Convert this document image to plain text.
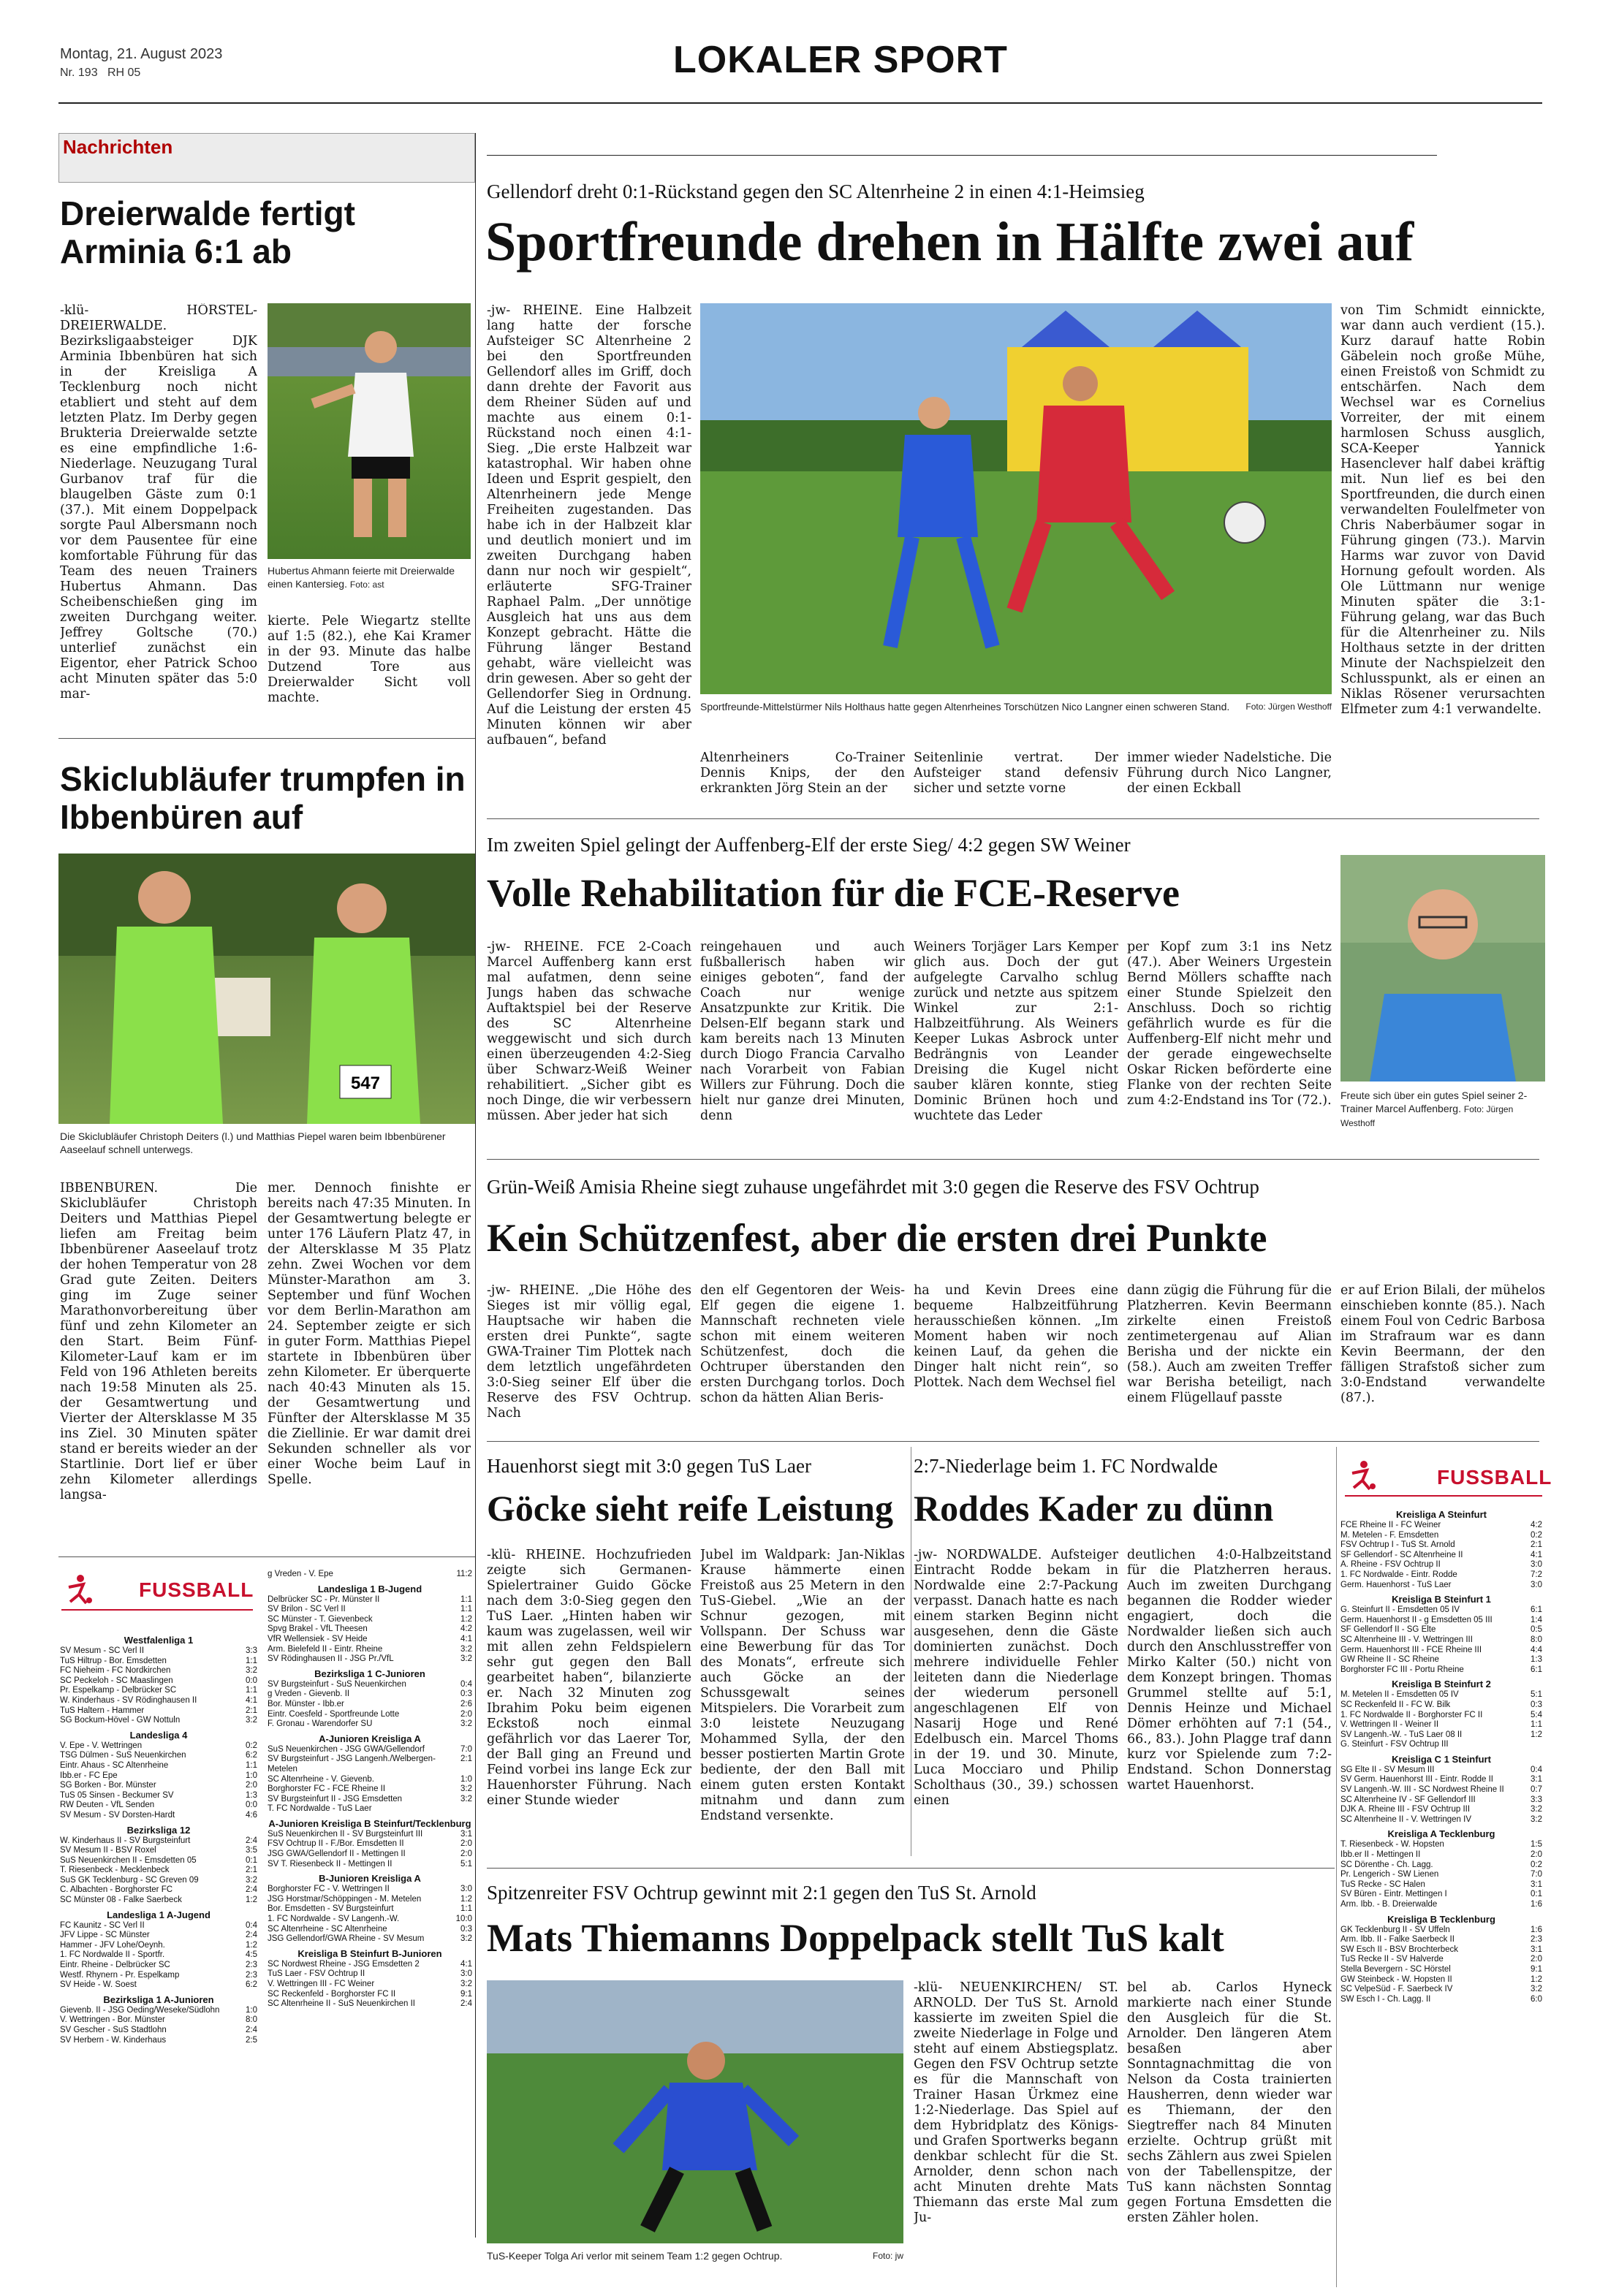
Montag, 21. August 2023
Nr. 193 RH 05	LOKALER SPORT
Nachrichten
Dreierwalde fertigt Arminia 6:1 ab
-klü- HÖRSTEL-DREIERWALDE. Bezirksligaabsteiger DJK Arminia Ibbenbüren hat sich in der Kreisliga A Tecklenburg noch nicht etabliert und steht auf dem letzten Platz. Im Derby gegen Brukteria Dreierwalde setzte es eine empfindliche 1:6-Niederlage. Neuzugang Tural Gurbanov traf für die blaugelben Gäste zum 0:1 (37.). Mit einem Doppelpack sorgte Paul Albersmann noch vor dem Pausentee für eine komfortable Führung für das Team des neuen Trainers Hubertus Ahmann. Das Scheibenschießen ging im zweiten Durchgang weiter. Jeffrey Goltsche (70.) unterlief zunächst ein Eigentor, eher Patrick Schoo acht Minuten später das 5:0 mar-
Hubertus Ahmann feierte mit Dreierwalde einen Kantersieg. Foto: ast
kierte. Pele Wiegartz stellte auf 1:5 (82.), ehe Kai Kramer in der 93. Minute das halbe Dutzend Tore aus Dreierwalder Sicht voll machte.
Skiclubläufer trumpfen in Ibbenbüren auf
547
Die Skiclubläufer Christoph Deiters (l.) und Matthias Piepel waren beim Ibbenbürener Aaseelauf schnell unterwegs.
IBBENBÜREN. Die Skiclubläufer Christoph Deiters und Matthias Piepel liefen am Freitag beim Ibbenbürener Aaseelauf trotz der hohen Temperatur von 28 Grad gute Zeiten. Deiters ging im Zuge seiner Marathonvorbereitung über fünf und zehn Kilometer an den Start. Beim Fünf-Kilometer-Lauf kam er im Feld von 196 Athleten bereits nach 19:58 Minuten als 25. der Gesamtwertung und Vierter der Altersklasse M 35 ins Ziel. 30 Minuten später stand er bereits wieder an der Startlinie. Dort lief er über zehn Kilometer allerdings langsa-
mer. Dennoch finishte er bereits nach 47:35 Minuten. In der Gesamtwertung belegte er unter 176 Läufern Platz 47, in der Altersklasse M 35 Platz zehn. Zwei Wochen vor dem Münster-Marathon am 3. September und fünf Wochen vor dem Berlin-Marathon am 24. September zeigte er sich in guter Form. Matthias Piepel startete in Ibbenbüren über zehn Kilometer. Er überquerte nach 40:43 Minuten als 15. der Gesamtwertung und Fünfter der Altersklasse M 35 die Ziellinie. Er war damit drei Sekunden schneller als vor einer Woche beim Lauf in Spelle.
FUSSBALL
Westfalenliga 1
SV Mesum - SC Verl II	3:3
TuS Hiltrup - Bor. Emsdetten	1:1
FC Nieheim - FC Nordkirchen	3:2
SC Peckeloh - SC Maaslingen	0:0
Pr. Espelkamp - Delbrücker SC	1:1
W. Kinderhaus - SV Rödinghausen II	4:1
TuS Haltern - Hammer	2:1
SG Bockum-Hövel - GW Nottuln	3:2
Landesliga 4
V. Epe - V. Wettringen	0:2
TSG Dülmen - SuS Neuenkirchen	6:2
Eintr. Ahaus - SC Altenrheine	1:1
Ibb.er - FC Epe	1:0
SG Borken - Bor. Münster	2:0
TuS 05 Sinsen - Beckumer SV	1:3
RW Deuten - VfL Senden	0:0
SV Mesum - SV Dorsten-Hardt	4:6
Bezirksliga 12
W. Kinderhaus II - SV Burgsteinfurt	2:4
SV Mesum II - BSV Roxel	3:5
SuS Neuenkirchen II - Emsdetten 05	0:1
T. Riesenbeck - Mecklenbeck	2:1
SuS GK Tecklenburg - SC Greven 09	3:2
C. Albachten - Borghorster FC	2:4
SC Münster 08 - Falke Saerbeck	1:2
Landesliga 1 A-Jugend
FC Kaunitz - SC Verl II	0:4
JFV Lippe - SC Münster	2:4
Hammer - JFV Lohe/Oeynh.	1:2
1. FC Nordwalde II - Sportfr.	4:5
Eintr. Rheine - Delbrücker SC	2:3
Westf. Rhynern - Pr. Espelkamp	2:3
SV Heide - W. Soest	6:2
Bezirksliga 1 A-Junioren
Gievenb. II - JSG Oeding/Weseke/Südlohn	1:0
V. Wettringen - Bor. Münster	8:0
SV Gescher - SuS Stadtlohn	2:4
SV Herbern - W. Kinderhaus	2:5
g Vreden - V. Epe	11:2
Landesliga 1 B-Jugend
Delbrücker SC - Pr. Münster II	1:1
SV Brilon - SC Verl II	1:1
SC Münster - T. Gievenbeck	1:2
Spvg Brakel - VfL Theesen	4:2
VfR Wellensiek - SV Heide	4:1
Arm. Bielefeld II - Eintr. Rheine	3:2
SV Rödinghausen II - JSG Pr./VfL	3:2
Bezirksliga 1 C-Junioren
SV Burgsteinfurt - SuS Neuenkirchen	0:4
g Vreden - Gievenb. II	0:3
Bor. Münster - Ibb.er	2:6
Eintr. Coesfeld - Sportfreunde Lotte	2:0
F. Gronau - Warendorfer SU	3:2
A-Junioren Kreisliga A
SuS Neuenkirchen - JSG GWA/Gellendorf	7:0
SV Burgsteinfurt - JSG Langenh./Welbergen-Metelen
2:1
SC Altenrheine - V. Gievenb.	1:0
Borghorster FC - FCE Rheine II	3:2
SV Burgsteinfurt II - JSG Emsdetten	3:2
T. FC Nordwalde - TuS Laer
A-Junioren Kreisliga B Steinfurt/Tecklenburg
SuS Neuenkirchen II - SV Burgsteinfurt III	3:1
FSV Ochtrup II - F./Bor. Emsdetten II	2:0
JSG GWA/Gellendorf II - Mettingen II	2:0
SV T. Riesenbeck II - Mettingen II	5:1
B-Junioren Kreisliga A
Borghorster FC - V. Wettringen II	3:0
JSG Horstmar/Schöppingen - M. Metelen	1:2
Bor. Emsdetten - SV Burgsteinfurt	1:1
1. FC Nordwalde - SV Langenh.-W.	10:0
SC Altenrheine - SC Altenrheine	0:3
JSG Gellendorf/GWA Rheine - SV Mesum	3:2
Kreisliga B Steinfurt B-Junioren
SC Nordwest Rheine - JSG Emsdetten 2	4:1
TuS Laer - FSV Ochtrup II	3:0
V. Wettringen III - FC Weiner	3:2
SC Reckenfeld - Borghorster FC II	9:1
SC Altenrheine II - SuS Neuenkirchen II	2:4
Gellendorf dreht 0:1-Rückstand gegen den SC Altenrheine 2 in einen 4:1-Heimsieg
Sportfreunde drehen in Hälfte zwei auf
-jw- RHEINE. Eine Halbzeit lang hatte der forsche Aufsteiger SC Altenrheine 2 bei den Sportfreunden Gellendorf alles im Griff, doch dann drehte der Favorit aus dem Rheiner Süden auf und machte aus einem 0:1-Rückstand noch einen 4:1-Sieg. „Die erste Halbzeit war katastrophal. Wir haben ohne Ideen und Esprit gespielt, den Altenrheinern jede Menge Freiheiten zugestanden. Das habe ich in der Halbzeit klar und deutlich moniert und im zweiten Durchgang haben dann nur noch wir gespielt“, erläuterte SFG-Trainer Raphael Palm. „Der unnötige Ausgleich hat uns aus dem Konzept gebracht. Hätte die Führung länger Bestand gehabt, wäre vielleicht was drin gewesen. Aber so geht der Gellendorfer Sieg in Ordnung. Auf die Leistung der ersten 45 Minuten können wir aber aufbauen“, befand
Sportfreunde-Mittelstürmer Nils Holthaus hatte gegen Altenrheines Torschützen Nico Langner einen schweren Stand. Foto: Jürgen Westhoff
Altenrheiners Co-Trainer Dennis Knips, der den erkrankten Jörg Stein an der
Seitenlinie vertrat. Der Aufsteiger stand defensiv sicher und setzte vorne
immer wieder Nadelstiche. Die Führung durch Nico Langner, der einen Eckball
von Tim Schmidt einnickte, war dann auch verdient (15.). Kurz darauf hatte Robin Gäbelein noch große Mühe, einen Freistoß von Schmidt zu entschärfen. Nach dem Wechsel war es Cornelius Vorreiter, der mit einem harmlosen Schuss ausglich, SCA-Keeper Yannick Hasenclever half dabei kräftig mit. Nun lief es bei den Sportfreunden, die durch einen verwandelten Foulelfmeter von Chris Naberbäumer sogar in Führung gingen (73.). Marvin Harms war zuvor von David Hornung gefoult worden. Als Ole Lüttmann nur wenige Minuten später die 3:1-Führung gelang, war das Buch für die Altenrheiner zu. Nils Holthaus setzte in der dritten Minute der Nachspielzeit den Schlusspunkt, als er einen an Niklas Rösener verursachten Elfmeter zum 4:1 verwandelte.
Im zweiten Spiel gelingt der Auffenberg-Elf der erste Sieg/ 4:2 gegen SW Weiner
Volle Rehabilitation für die FCE-Reserve
-jw- RHEINE. FCE 2-Coach Marcel Auffenberg kann erst mal aufatmen, denn seine Jungs haben das schwache Auftaktspiel bei der Reserve des SC Altenrheine weggewischt und sich durch einen überzeugenden 4:2-Sieg über Schwarz-Weiß Weiner rehabilitiert. „Sicher gibt es noch Dinge, die wir verbessern müssen. Aber jeder hat sich
reingehauen und auch fußballerisch haben wir einiges geboten“, fand der Coach nur wenige Ansatzpunkte zur Kritik. Die Delsen-Elf begann stark und kam bereits nach 13 Minuten durch Diogo Francia Carvalho nach Vorarbeit von Fabian Willers zur Führung. Doch die hielt nur ganze drei Minuten, denn
Weiners Torjäger Lars Kemper glich aus. Doch der gut aufgelegte Carvalho schlug zurück und netzte aus spitzem Winkel zur 2:1-Halbzeitführung. Als Weiners Keeper Lukas Asbrock unter Bedrängnis von Leander Dreising die Kugel nicht sauber klären konnte, stieg Dominic Brünen hoch und wuchtete das Leder
per Kopf zum 3:1 ins Netz (47.). Aber Weiners Urgestein Bernd Möllers schaffte nach einer Stunde Spielzeit den Anschluss. Doch so richtig gefährlich wurde es für die Auffenberg-Elf nicht mehr und der gerade eingewechselte Oskar Ricken beförderte eine Flanke von der rechten Seite zum 4:2-Endstand ins Tor (72.). Freute sich über ein gutes Spiel seiner 2-Trainer Marcel Auffenberg. Foto: Jürgen Westhoff
Grün-Weiß Amisia Rheine siegt zuhause ungefährdet mit 3:0 gegen die Reserve des FSV Ochtrup
Kein Schützenfest, aber die ersten drei Punkte
-jw- RHEINE. „Die Höhe des Sieges ist mir völlig egal, Hauptsache wir haben die ersten drei Punkte“, sagte GWA-Trainer Tim Plottek nach dem letztlich ungefährdeten 3:0-Sieg seiner Elf über die Reserve des FSV Ochtrup. Nach
den elf Gegentoren der Weis-Elf gegen die eigene 1. Mannschaft rechneten viele schon mit einem weiteren Schützenfest, doch die Ochtruper überstanden den ersten Durchgang torlos. Doch schon da hätten Alian Beris-
ha und Kevin Drees eine bequeme Halbzeitführung herausschießen können. „Im Moment haben wir noch keinen Lauf, da gehen die Dinger halt nicht rein“, so Plottek. Nach dem Wechsel fiel
dann zügig die Führung für die Platzherren. Kevin Beermann zirkelte einen Freistoß zentimetergenau auf Alian Berisha und der nickte ein (58.). Auch am zweiten Treffer war Berisha beteiligt, nach einem Flügellauf passte
er auf Erion Bilali, der mühelos einschieben konnte (85.). Nach einem Foul von Cedric Barbosa im Strafraum war es dann Kevin Beermann, der den fälligen Strafstoß sicher zum 3:0-Endstand verwandelte (87.).
Hauenhorst siegt mit 3:0 gegen TuS Laer
Göcke sieht reife Leistung
-klü- RHEINE. Hochzufrieden zeigte sich Germanen-Spielertrainer Guido Göcke nach dem 3:0-Sieg gegen den TuS Laer. „Hinten haben wir kaum was zugelassen, weil wir mit allen zehn Feldspielern sehr gut gegen den Ball gearbeitet haben“, bilanzierte er. Nach 32 Minuten zog Ibrahim Poku beim eigenen Eckstoß noch einmal gefährlich vor das Laerer Tor, der Ball ging an Freund und Feind vorbei ins lange Eck zur Hauenhorster Führung. Nach einer Stunde wieder
Jubel im Waldpark: Jan-Niklas Krause hämmerte einen Freistoß aus 25 Metern in den TuS-Giebel. „Wie an der Schnur gezogen, mit Vollspann. Der Schuss war eine Bewerbung für das Tor des Monats“, erfreute sich auch Göcke an der Schussgewalt seines Mitspielers. Die Vorarbeit zum 3:0 leistete Neuzugang Mohammed Sylla, der den besser postierten Martin Grote bediente, der den Ball mit einem guten ersten Kontakt mitnahm und dann zum Endstand versenkte.
2:7-Niederlage beim 1. FC Nordwalde
Roddes Kader zu dünn
-jw- NORDWALDE. Aufsteiger Eintracht Rodde bekam in Nordwalde eine 2:7-Packung verpasst. Danach hatte es nach einem starken Beginn nicht ausgesehen, denn die Gäste dominierten zunächst. Doch mehrere individuelle Fehler leiteten dann die Niederlage der wiederum personell angeschlagenen Elf von Nasarij Hoge und René Edelbusch ein. Marcel Thoms in der 19. und 30. Minute, Luca Mocciaro und Philip Scholthaus (30., 39.) schossen einen
deutlichen 4:0-Halbzeitstand für die Platzherren heraus. Auch im zweiten Durchgang begannen die Rodder wieder engagiert, doch die Nordwalder ließen sich auch durch den Anschlusstreffer von Mirko Kalter (50.) nicht von dem Konzept bringen. Thomas Grummel stellte auf 5:1, Dennis Heinze und Michael Dömer erhöhten auf 7:1 (54., 66., 83.). John Plagge traf dann kurz vor Spielende zum 7:2-Endstand. Schon Donnerstag wartet Hauenhorst.
FUSSBALL
Kreisliga A Steinfurt
FCE Rheine II - FC Weiner	4:2
M. Metelen - F. Emsdetten	0:2
FSV Ochtrup I - TuS St. Arnold	2:1
SF Gellendorf - SC Altenrheine II	4:1
A. Rheine - FSV Ochtrup II	3:0
1. FC Nordwalde - Eintr. Rodde	7:2
Germ. Hauenhorst - TuS Laer	3:0
Kreisliga B Steinfurt 1
G. Steinfurt II - Emsdetten 05 IV	6:1
Germ. Hauenhorst II - g Emsdetten 05 III	1:4
SF Gellendorf II - SG Elte	0:5
SC Altenrheine III - V. Wettringen III	8:0
Germ. Hauenhorst III - FCE Rheine III	4:4
GW Rheine II - SC Rheine	1:3
Borghorster FC III - Portu Rheine	6:1
Kreisliga B Steinfurt 2
M. Metelen II - Emsdetten 05 IV	5:1
SC Reckenfeld II - FC W. Bilk	0:3
1. FC Nordwalde II - Borghorster FC II	5:4
V. Wettringen II - Weiner II	1:1
SV Langenh.-W. - TuS Laer 08 II	1:2
G. Steinfurt - FSV Ochtrup III
Kreisliga C 1 Steinfurt
SG Elte II - SV Mesum III	0:4
SV Germ. Hauenhorst III - Eintr. Rodde II	3:1
SV Langenh.-W. III - SC Nordwest Rheine II	0:7
SC Altenrheine IV - SF Gellendorf III	3:3
DJK A. Rheine III - FSV Ochtrup III	3:2
SC Altenrheine II - V. Wettringen IV	3:2
Kreisliga A Tecklenburg
T. Riesenbeck - W. Hopsten	1:5
Ibb.er II - Mettingen II	2:0
SC Dörenthe - Ch. Lagg.	0:2
Pr. Lengerich - SW Lienen	7:0
TuS Recke - SC Halen	3:1
SV Büren - Eintr. Mettingen I	0:1
Arm. Ibb. - B. Dreierwalde	1:6
Kreisliga B Tecklenburg
GK Tecklenburg II - SV Uffeln	1:6
Arm. Ibb. II - Falke Saerbeck II	2:3
SW Esch II - BSV Brochterbeck	3:1
TuS Recke II - SV Halverde	2:0
Stella Bevergern - SC Hörstel	9:1
GW Steinbeck - W. Hopsten II	1:2
SC VelpeSüd - F. Saerbeck IV	3:2
SW Esch I - Ch. Lagg. II	6:0
Spitzenreiter FSV Ochtrup gewinnt mit 2:1 gegen den TuS St. Arnold
Mats Thiemanns Doppelpack stellt TuS kalt
TuS-Keeper Tolga Ari verlor mit seinem Team 1:2 gegen Ochtrup.	Foto: jw
-klü- NEUENKIRCHEN/ ST. ARNOLD. Der TuS St. Arnold kassierte im zweiten Spiel die zweite Niederlage in Folge und steht auf einem Abstiegsplatz. Gegen den FSV Ochtrup setzte es für die Mannschaft von Trainer Hasan Ürkmez eine 1:2-Niederlage. Das Spiel auf dem Hybridplatz des Königs- und Grafen Sportwerks begann denkbar schlecht für die St. Arnolder, denn schon nach acht Minuten drehte Mats Thiemann das erste Mal zum Ju-
bel ab. Carlos Hyneck markierte nach einer Stunde den Ausgleich für die St. Arnolder. Den längeren Atem besaßen aber Sonntagnachmittag die von Nelson da Costa trainierten Hausherren, denn wieder war es Thiemann, der den Siegtreffer nach 84 Minuten erzielte. Ochtrup grüßt mit sechs Zählern aus zwei Spielen von der Tabellenspitze, der TuS kann nächsten Sonntag gegen Fortuna Emsdetten die ersten Zähler holen.
